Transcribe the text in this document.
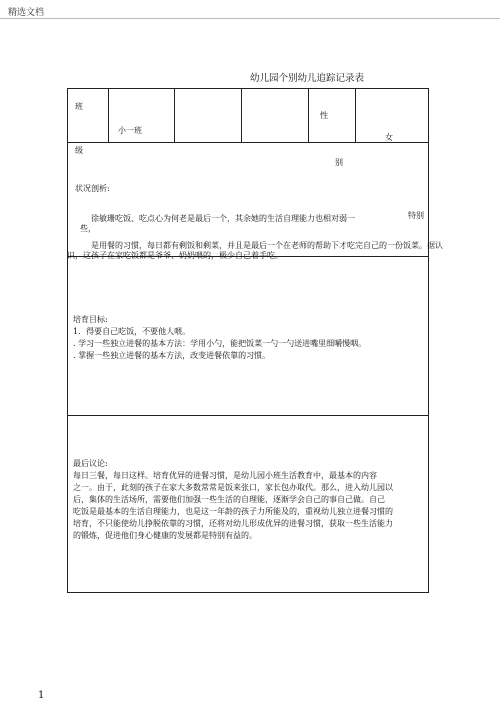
精选文档
幼儿园个别幼儿追踪记录表
班
小一班
性
女
级
别
状况剖析:
徐敏珊吃饭、吃点心为何老是最后一个，其余她的生活自理能力也相对弱一	特别
些，
是用餐的习惯，每日都有剩饭和剩菜，并且是最后一个在老师的帮助下才吃完自己的一份饭菜。据认
识，这孩子在家吃饭都是爷爷、奶奶喂的，极少自己着手吃。
培育目标:
1．得要自己吃饭，不要他人喂。
. 学习一些独立进餐的基本方法：学用小勺，能把饭菜一勺一勺送进嘴里细嚼慢咽。
. 掌握一些独立进餐的基本方法，改变进餐依靠的习惯。
最后议论:
每日三餐，每日这样。培育优异的进餐习惯，是幼儿园小班生活教育中，最基本的内容
之一。由于，此刻的孩子在家大多数常常是饭来张口，家长包办取代。那么，进入幼儿园以
后，集体的生活场所，需要他们加强一些生活的自理能，逐渐学会自己的事自己做。自己
吃饭是最基本的生活自理能力，也是这一年龄的孩子力所能及的，重视幼儿独立进餐习惯的
培育，不只能使幼儿挣脱依靠的习惯，还将对幼儿形成优异的进餐习惯，获取一些生活能力
的锻炼，促进他们身心健康的发展都是特别有益的。
1
